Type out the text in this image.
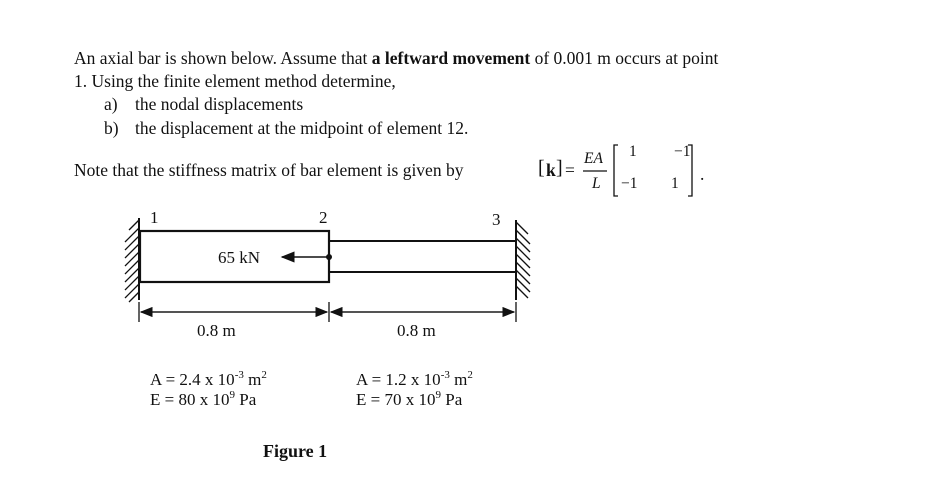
An axial bar is shown below. Assume that a leftward movement of 0.001 m occurs at point
1. Using the finite element method determine,
a) the nodal displacements
b) the displacement at the midpoint of element 12.
Note that the stiffness matrix of bar element is given by	[ k ] =
EA
L
1 −1
−1 1 .
1	2	3
65 kN
0.8 m	0.8 m
A = 2.4 x $10^{-3}$ $m^2$
E = 80 x $10^9$ Pa
A = 1.2 x $10^{-3}$ $m^2$
E = 70 x $10^9$ Pa
Figure 1
